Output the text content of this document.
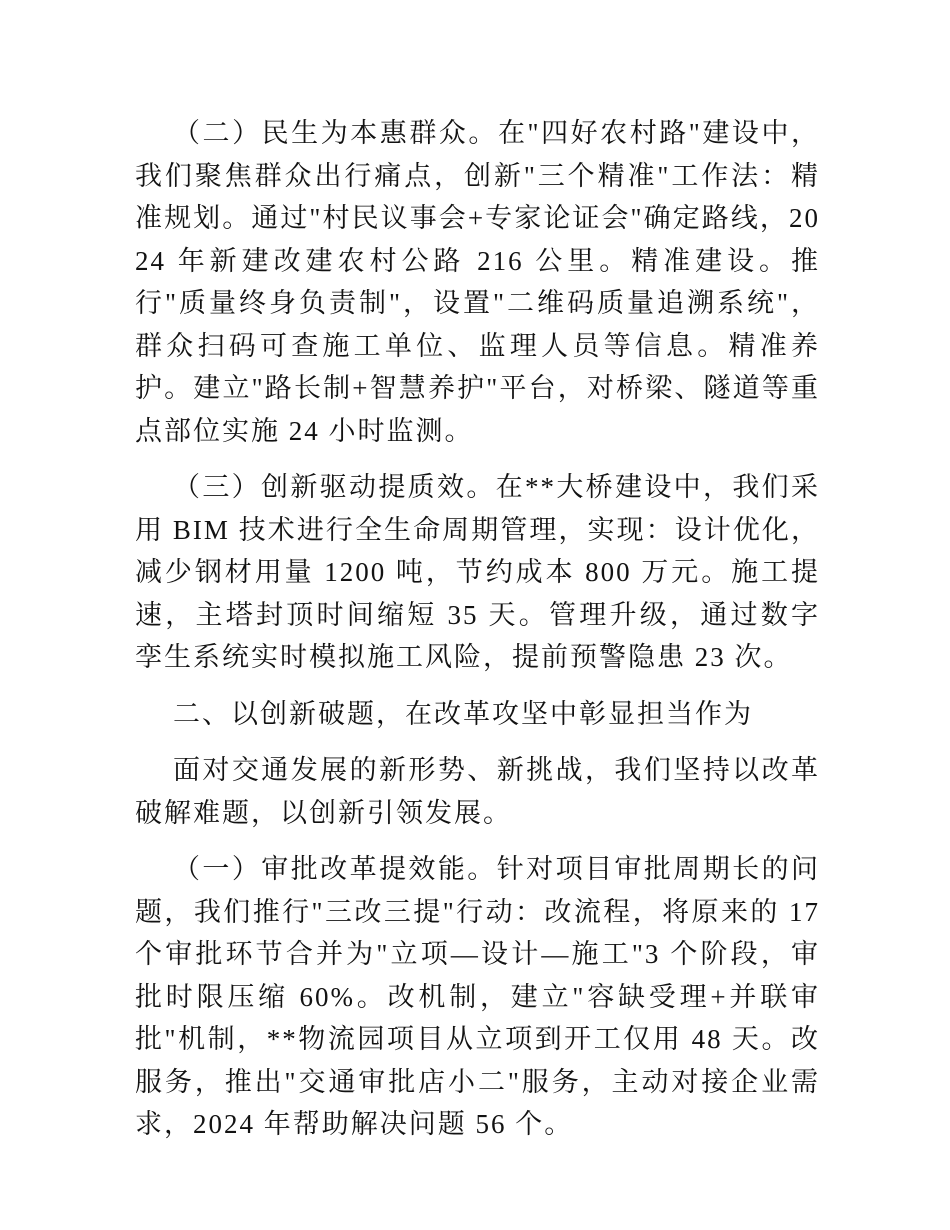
（二）民生为本惠群众。在"四好农村路"建设中，我们聚焦群众出行痛点，创新"三个精准"工作法：精准规划。通过"村民议事会+专家论证会"确定路线，2024 年新建改建农村公路 216 公里。精准建设。推行"质量终身负责制"，设置"二维码质量追溯系统"，群众扫码可查施工单位、监理人员等信息。精准养护。建立"路长制+智慧养护"平台，对桥梁、隧道等重点部位实施 24 小时监测。

（三）创新驱动提质效。在**大桥建设中，我们采用 BIM 技术进行全生命周期管理，实现：设计优化，减少钢材用量 1200 吨，节约成本 800 万元。施工提速，主塔封顶时间缩短 35 天。管理升级，通过数字孪生系统实时模拟施工风险，提前预警隐患 23 次。

二、以创新破题，在改革攻坚中彰显担当作为

面对交通发展的新形势、新挑战，我们坚持以改革破解难题，以创新引领发展。

（一）审批改革提效能。针对项目审批周期长的问题，我们推行"三改三提"行动：改流程，将原来的 17 个审批环节合并为"立项—设计—施工"3 个阶段，审批时限压缩 60%。改机制，建立"容缺受理+并联审批"机制，**物流园项目从立项到开工仅用 48 天。改服务，推出"交通审批店小二"服务，主动对接企业需求，2024 年帮助解决问题 56 个。
